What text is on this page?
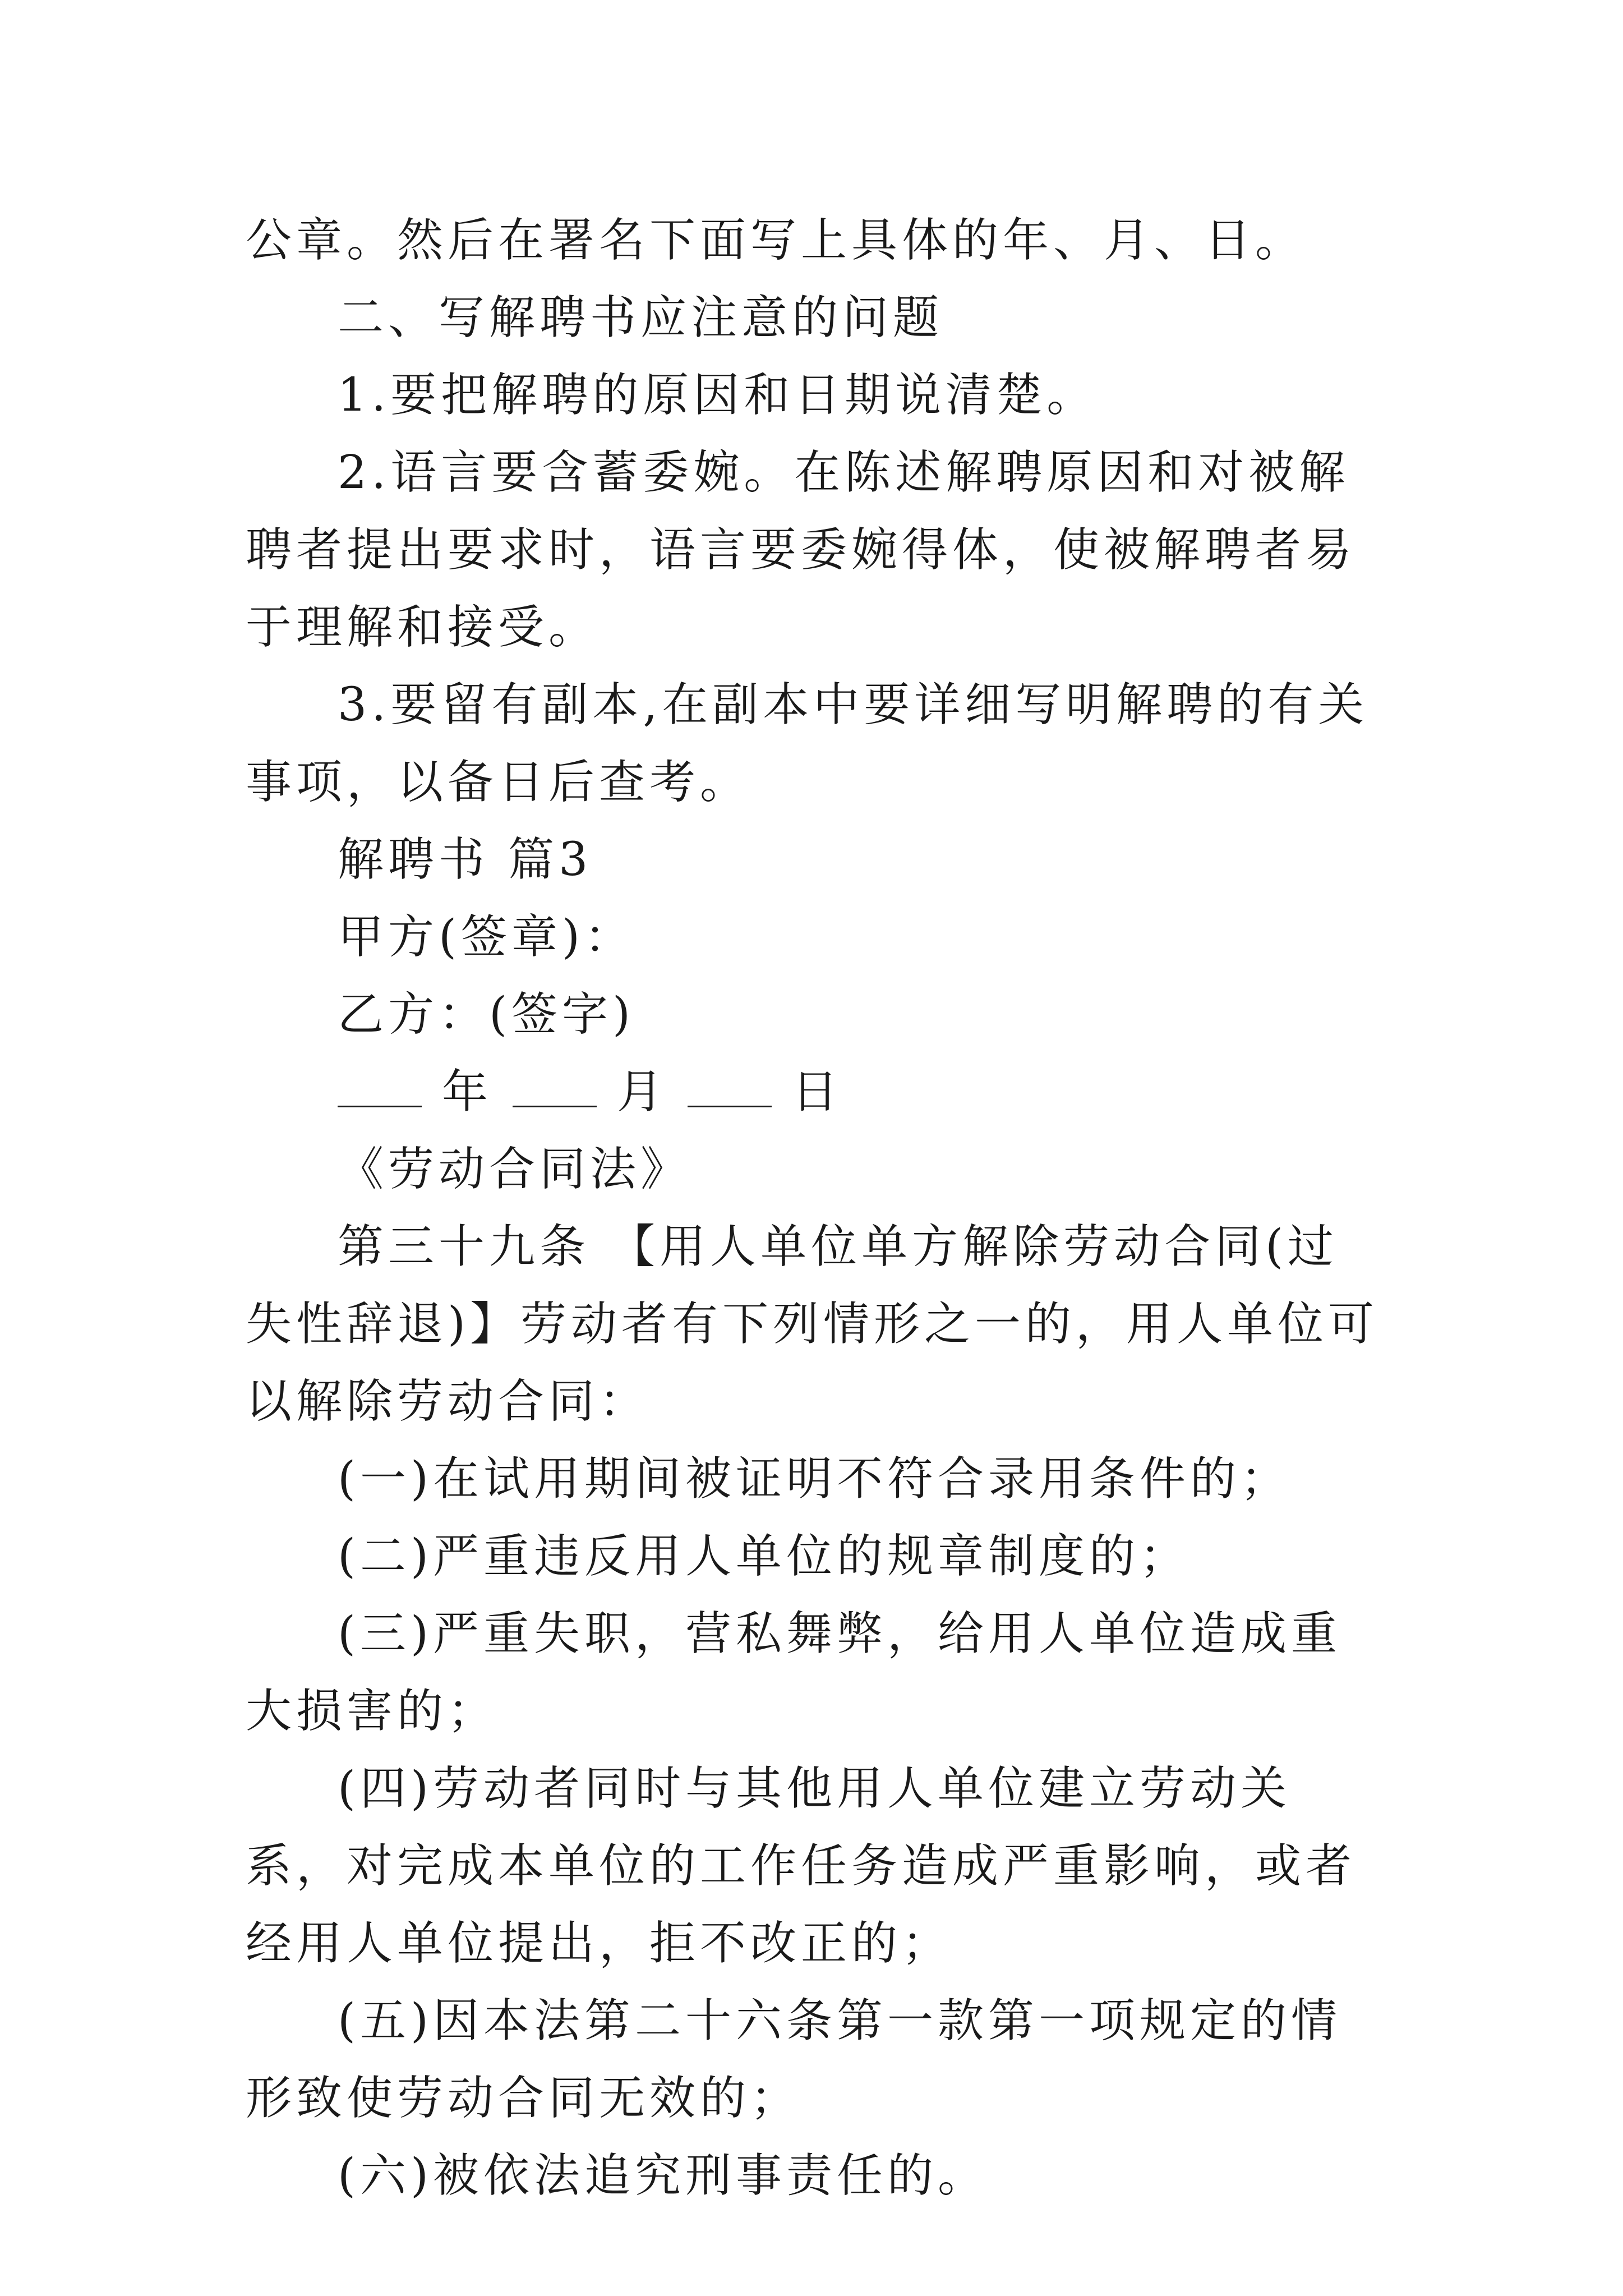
公章。然后在署名下面写上具体的年、月、日。

二、写解聘书应注意的问题

1.要把解聘的原因和日期说清楚。

2.语言要含蓄委婉。在陈述解聘原因和对被解聘者提出要求时，语言要委婉得体，使被解聘者易于理解和接受。

3.要留有副本,在副本中要详细写明解聘的有关事项，以备日后查考。

解聘书 篇3

甲方(签章)：

乙方：(签字)

年	月	日

《劳动合同法》

第三十九条 【用人单位单方解除劳动合同(过失性辞退)】劳动者有下列情形之一的，用人单位可以解除劳动合同：

(一)在试用期间被证明不符合录用条件的；

(二)严重违反用人单位的规章制度的；

(三)严重失职，营私舞弊，给用人单位造成重大损害的；

(四)劳动者同时与其他用人单位建立劳动关系，对完成本单位的工作任务造成严重影响，或者经用人单位提出，拒不改正的；

(五)因本法第二十六条第一款第一项规定的情形致使劳动合同无效的；

(六)被依法追究刑事责任的。
